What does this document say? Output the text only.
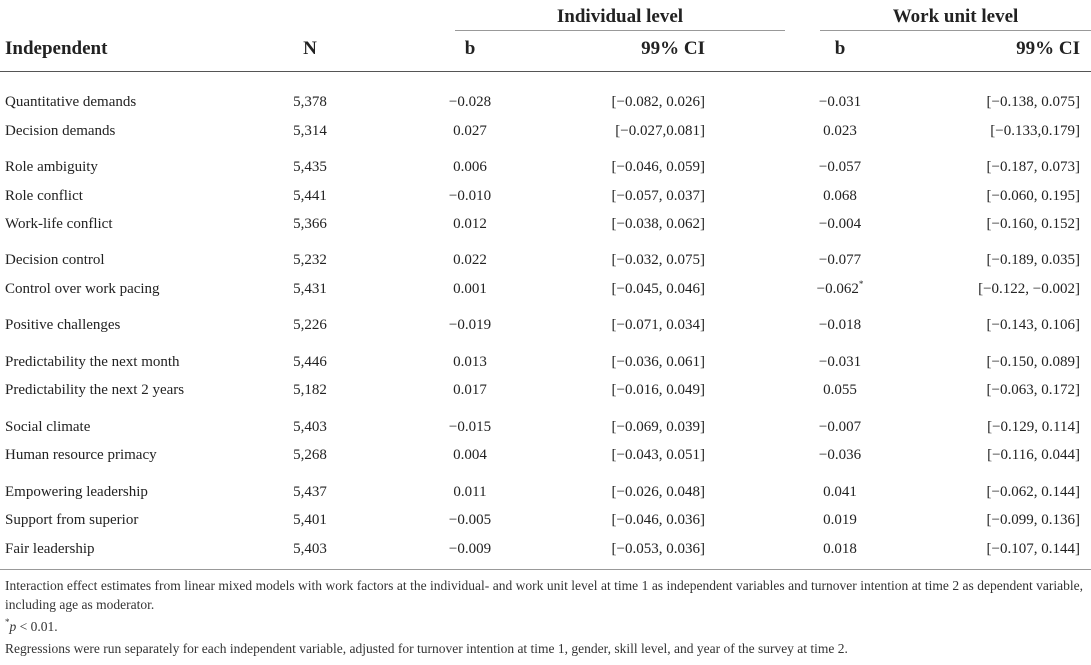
Individual level	Work unit level
Independent	N	b	99% CI	b	99% CI
Quantitative demands	5,378	−0.028	[−0.082, 0.026]	−0.031	[−0.138, 0.075]
Decision demands	5,314	0.027	[−0.027,0.081]	0.023	[−0.133,0.179]
Role ambiguity	5,435	0.006	[−0.046, 0.059]	−0.057	[−0.187, 0.073]
Role conflict	5,441	−0.010	[−0.057, 0.037]	0.068	[−0.060, 0.195]
Work-life conflict	5,366	0.012	[−0.038, 0.062]	−0.004	[−0.160, 0.152]
Decision control	5,232	0.022	[−0.032, 0.075]	−0.077	[−0.189, 0.035]
Control over work pacing	5,431	0.001	[−0.045, 0.046]	−0.062*	[−0.122, −0.002]
Positive challenges	5,226	−0.019	[−0.071, 0.034]	−0.018	[−0.143, 0.106]
Predictability the next month	5,446	0.013	[−0.036, 0.061]	−0.031	[−0.150, 0.089]
Predictability the next 2 years	5,182	0.017	[−0.016, 0.049]	0.055	[−0.063, 0.172]
Social climate	5,403	−0.015	[−0.069, 0.039]	−0.007	[−0.129, 0.114]
Human resource primacy	5,268	0.004	[−0.043, 0.051]	−0.036	[−0.116, 0.044]
Empowering leadership	5,437	0.011	[−0.026, 0.048]	0.041	[−0.062, 0.144]
Support from superior	5,401	−0.005	[−0.046, 0.036]	0.019	[−0.099, 0.136]
Fair leadership	5,403	−0.009	[−0.053, 0.036]	0.018	[−0.107, 0.144]

Interaction effect estimates from linear mixed models with work factors at the individual- and work unit level at time 1 as independent variables and turnover intention at time 2 as dependent variable, including age as moderator.

*p < 0.01.

Regressions were run separately for each independent variable, adjusted for turnover intention at time 1, gender, skill level, and year of the survey at time 2.
